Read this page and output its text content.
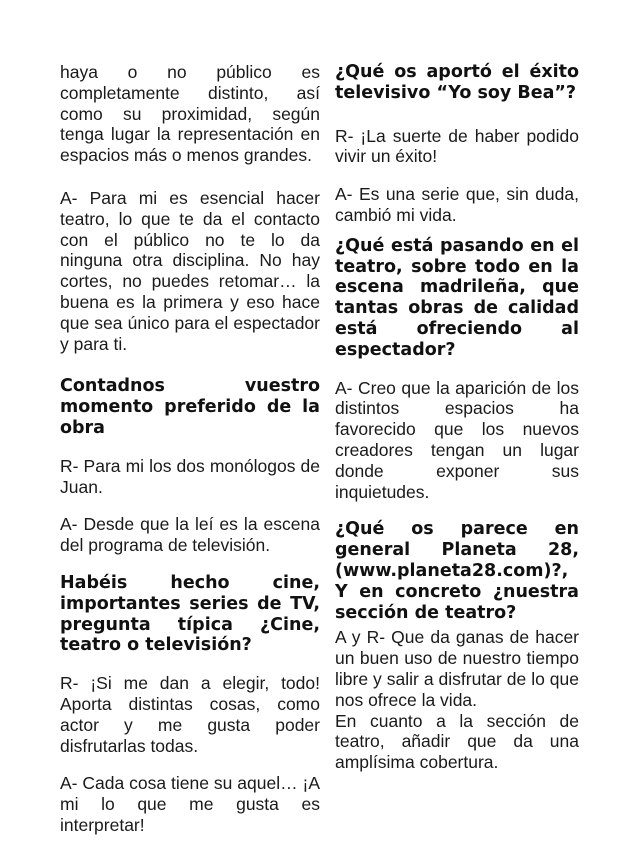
haya o no público es completamente distinto, así como su proximidad, según tenga lugar la representación en espacios más o menos grandes.

A- Para mi es esencial hacer teatro, lo que te da el contacto con el público no te lo da ninguna otra disciplina. No hay cortes, no puedes retomar… la buena es la primera y eso hace que sea único para el espectador y para ti.

Contadnos vuestro momento preferido de la obra

R- Para mi los dos monólogos de Juan.

A- Desde que la leí es la escena del programa de televisión.

Habéis hecho cine, importantes series de TV, pregunta típica ¿Cine, teatro o televisión?

R- ¡Si me dan a elegir, todo! Aporta distintas cosas, como actor y me gusta poder disfrutarlas todas.

A- Cada cosa tiene su aquel… ¡A mi lo que me gusta es interpretar!

¿Qué os aportó el éxito televisivo “Yo soy Bea”?

R- ¡La suerte de haber podido vivir un éxito!

A- Es una serie que, sin duda, cambió mi vida.

¿Qué está pasando en el teatro, sobre todo en la escena madrileña, que tantas obras de calidad está ofreciendo al espectador?

A- Creo que la aparición de los distintos espacios ha favorecido que los nuevos creadores tengan un lugar donde exponer sus inquietudes.

¿Qué os parece en general Planeta 28, (www.planeta28.com)?, Y en concreto ¿nuestra sección de teatro?

A y R- Que da ganas de hacer un buen uso de nuestro tiempo libre y salir a disfrutar de lo que nos ofrece la vida.

En cuanto a la sección de teatro, añadir que da una amplísima cobertura.
